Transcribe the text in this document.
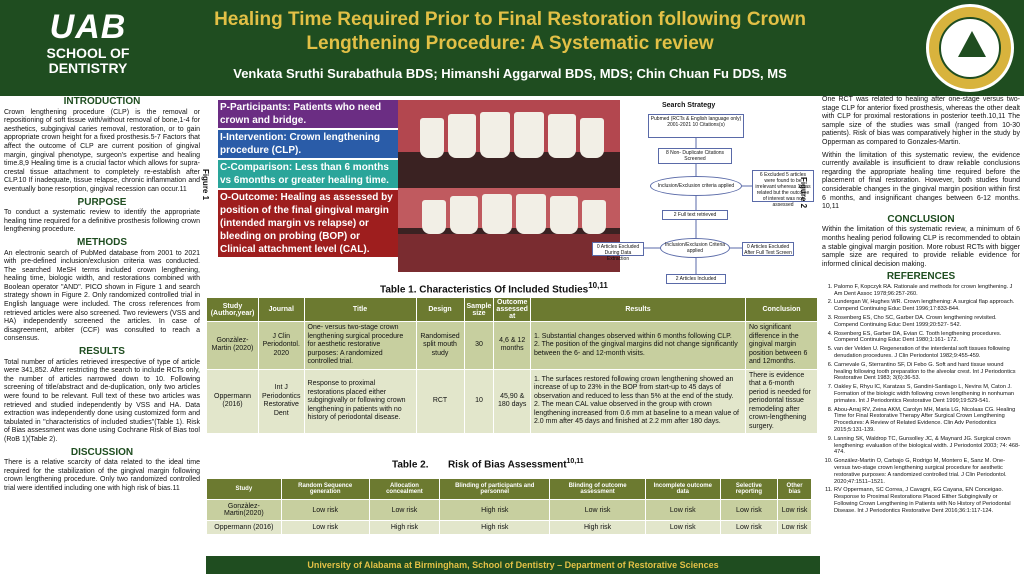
UAB
SCHOOL OF
DENTISTRY
Healing Time Required Prior to Final Restoration following Crown Lengthening Procedure: A Systematic review
Venkata Sruthi Surabathula BDS; Himanshi Aggarwal BDS, MDS; Chin Chuan Fu DDS, MS
INTRODUCTION
Crown lengthening procedure (CLP) is the removal or repositioning of soft tissue with/without removal of bone,1-4 for aesthetics, subgingival caries removal, restoration, or to gain appropriate crown height for a fixed prosthesis.5-7 Factors that affect the outcome of CLP are current position of gingival margin, gingival phenotype, surgeon's expertise and healing time.8,9 Healing time is a crucial factor which allows for supra-crestal tissue attachment to completely re-establish after CLP.10 If inadequate, tissue relapse, chronic inflammation and eventually bone resorption, gingival recession can occur.11
PURPOSE
To conduct a systematic review to identify the appropriate healing time required for a definitive prosthesis following crown lengthening procedure.
METHODS
An electronic search of PubMed database from 2001 to 2021 with pre-defined inclusion/exclusion criteria was conducted. The searched MeSH terms included crown lengthening, healing time, biologic width, and restorations combined with Boolean operator "AND". PICO shown in Figure 1 and search strategy shown in Figure 2. Only randomized controlled trial in English language were included. The cross references from retrieved articles were also screened. Two reviewers (VSS and HA) independently screened the articles. In case of disagreement, arbiter (CCF) was consulted to reach a consensus.
RESULTS
Total number of articles retrieved irrespective of type of article were 341,852. After restricting the search to include RCTs only, the number of articles narrowed down to 10. Following screening of title/abstract and de-duplication, only two articles were found to be relevant. Full text of these two articles was retrieved and studied independently by VSS and HA. Data extraction was independently done using customized form and tabulated in "characteristics of included studies"(Table 1). Risk of Bias assessment was done using Cochrane Risk of Bias tool (RoB 1)(Table 2).
DISCUSSION
There is a relative scarcity of data related to the ideal time required for the stabilization of the gingival margin following crown lengthening procedure. Only two randomized controlled trial were identified including one with high risk of bias.11
Figure 1
P-Participants: Patients who need crown and bridge.
I-Intervention: Crown lengthening procedure (CLP).
C-Comparison: Less than 6 months vs 6months or greater healing time.
O-Outcome: Healing as assessed by position of the final gingival margin (intended margin vs relapse) or bleeding on probing (BOP) or Clinical attachment level (CAL).
Search Strategy
Pubmed (RCTs & English language only) 2001-2021 10 Citations(s)
8 Non- Duplicate Citations Screened
Inclusion/Exclusion criteria applied
6 Excluded 5 articles were found to be irrelevant whereas 1 was related but the outcome of interest was not assessed
2 Full text retrieved
Inclusion/Exclusion Criteria applied
0 Articles Excluded During Data Extraction
0 Articles Excluded After Full Text Screen
2 Articles Included
Figure 2
Table 1. Characteristics Of Included Studies$^{10,11}$
Study (Author,year)	Journal	Title	Design	Sample size	Outcome assessed at	Results	Conclusion
Gonzàlez-Martin (2020)	J Clin Periodontol. 2020	One- versus two-stage crown lengthening surgical procedure for aesthetic restorative purposes: A randomized controlled trial.	Randomised split mouth study	30	4,6 & 12 months	1. Substantial changes observed within 6 months following CLP.
2. The position of the gingival margins did not change significantly between the 6- and 12-month visits.	No significant difference in the gingival margin position between 6 and 12months.
Oppermann (2016)	Int J Periodontics Restorative Dent	Response to proximal restorations placed either subgingivally or following crown lengthening in patients with no history of periodontal disease.	RCT	10	45,90 & 180 days	1. The surfaces restored following crown lengthening showed an increase of up to 23% in the BOP from start-up to 45 days of observation and reduced to less than 5% at the end of the study.
2. The mean CAL value observed in the group with crown lengthening increased from 0.6 mm at baseline to a mean value of 2.0 mm after 45 days and finished at 2.2 mm after 180 days.	There is evidence that a 6-month period is needed for periodontal tissue remodeling after crown-lengthening surgery.
Table 2. Risk of Bias Assessment$^{10,11}$
Study	Random Sequence generation	Allocation concealment	Blinding of participants and personnel	Blinding of outcome assessment	Incomplete outcome data	Selective reporting	Other bias
Gonzàlez-Martin(2020)	Low risk	Low risk	High risk	Low risk	Low risk	Low risk	Low risk
Oppermann (2016)	Low risk	High risk	High risk	High risk	Low risk	Low risk	Low risk
University of Alabama at Birmingham, School of Dentistry – Department of Restorative Sciences
One RCT was related to healing after one-stage versus two-stage CLP for anterior fixed prosthesis, whereas the other dealt with CLP for proximal restorations in posterior teeth.10,11 The sample size of the studies was small (ranged from 10-30 patients). Risk of bias was comparatively higher in the study by Opperman as compared to Gonzales-Martin.
Within the limitation of this systematic review, the evidence currently available is insufficient to draw reliable conclusions regarding the appropriate healing time required before the placement of final restoration. However, both studies found considerable changes in the gingival margin position within first 6 months, and insignificant changes between 6-12 months. 10,11
CONCLUSION
Within the limitation of this systematic review, a minimum of 6 months healing period following CLP is recommended to obtain a stable gingival margin position. More robust RCTs with bigger sample size are required to provide reliable evidence for informed clinical decision making.
REFERENCES
1. Palomo F, Kopczyk RA. Rationale and methods for crown lengthening. J Am Dent Assoc 1978;96:257-260.
2. Lundergan W, Hughes WR. Crown lengthening: A surgical flap approach. Compend Continuing Educ Dent 1996;17:833-844.
3. Rosenberg ES, Cho SC, Garber DA. Crown lengthening revisited. Compend Continuing Educ Dent 1999;20:527- 542.
4. Rosenberg ES, Garber DA, Evian C. Tooth lengthening procedures. Compend Continuing Educ Dent 1980;1:161- 172.
5. van der Velden U. Regeneration of the interdental soft tissues following denudation procedures. J Clin Periodontol 1982;9:455-459.
6. Carnevale G, Sterrantino SF, Di Febo G. Soft and hard tissue wound healing following tooth preparation to the alveolar crest. Int J Periodontics Restorative Dent 1983; 3(6):36-53.
7. Oakley E, Rhyu IC, Karatzas S, Gandini-Santiago L, Nevins M, Caton J. Formation of the biologic width following crown lengthening in nonhuman primates. Int J Periodontics Restorative Dent 1999;19:529-541.
8. Abou-Arraj RV, Zeina AKM, Carolyn MH, Maria LG, Nicolaas CG. Healing Time for Final Restorative Therapy After Surgical Crown Lengthening Procedures: A Review of Related Evidence. Clin Adv Periodontics 2015;5:131-139.
9. Lanning SK, Waldrop TC, Gunsolley JC, & Maynard JG. Surgical crown lengthening: evaluation of the biological width. J Periodontol 2003; 74: 468-474.
10. González-Martin O, Carbajo G, Rodrigo M, Montero E, Sanz M. One- versus two-stage crown lengthening surgical procedure for aesthetic restorative purposes: A randomized controlled trial. J Clin Periodontol. 2020;47:1511–1521.
11. RV Oppermann, SC Correa, J Cavagni, EG Cayana, EN Conceigao. Response to Proximal Restorations Placed Either Subgingivally or Following Crown Lengthening in Patients with No History of Periodontal Disease. Int J Periodontics Restorative Dent 2016;36:1:117-124.
